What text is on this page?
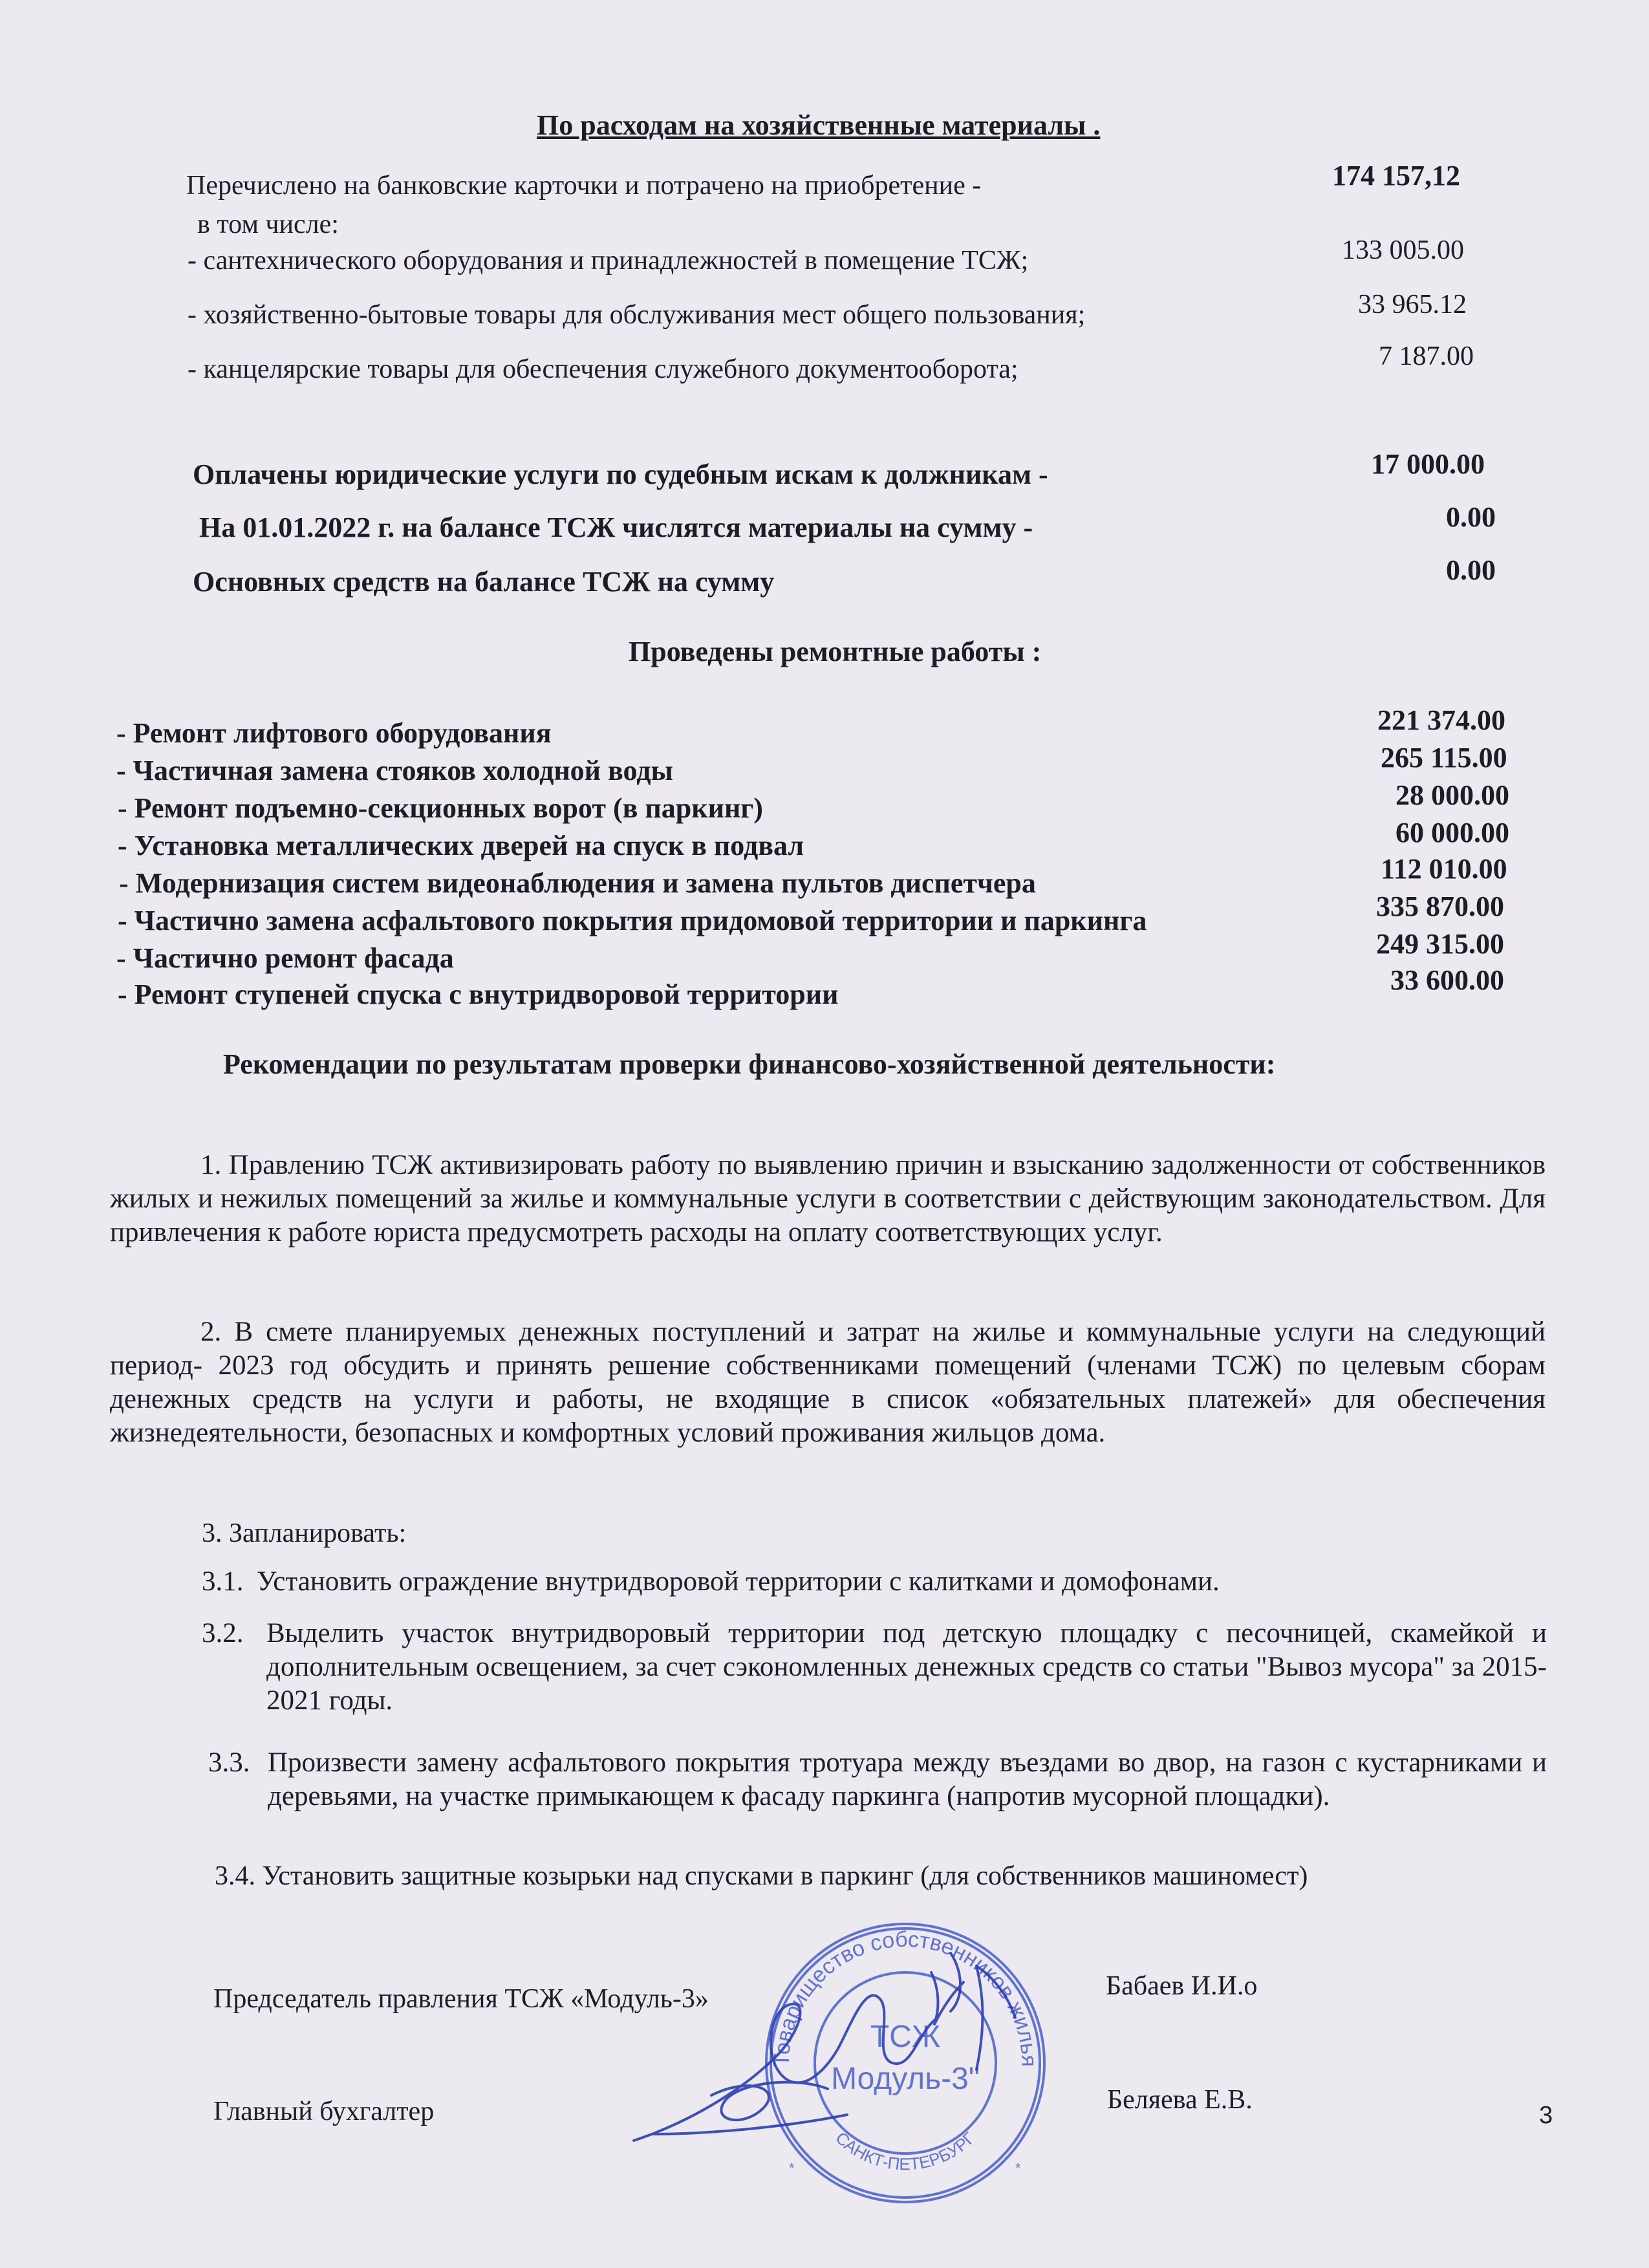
По расходам на хозяйственные материалы .
Перечислено на банковские карточки и потрачено на приобретение -	174 157,12
в том числе:
- сантехнического оборудования и принадлежностей в помещение ТСЖ;	133 005.00
- хозяйственно-бытовые товары для обслуживания мест общего пользования;	33 965.12
- канцелярские товары для обеспечения служебного документооборота;	7 187.00
Оплачены юридические услуги по судебным искам к должникам -	17 000.00
На 01.01.2022 г. на балансе ТСЖ числятся материалы на сумму -	0.00
Основных средств на балансе ТСЖ на сумму	0.00
Проведены ремонтные работы :
- Ремонт лифтового оборудования	221 374.00
- Частичная замена стояков холодной воды	265 115.00
- Ремонт подъемно-секционных ворот (в паркинг)	28 000.00
- Установка металлических дверей на спуск в подвал	60 000.00
- Модернизация систем видеонаблюдения и замена пультов диспетчера	112 010.00
- Частично замена асфальтового покрытия придомовой территории и паркинга	335 870.00
- Частично ремонт фасада	249 315.00
- Ремонт ступеней спуска с внутридворовой территории	33 600.00
Рекомендации по результатам проверки финансово-хозяйственной деятельности:

1. Правлению ТСЖ активизировать работу по выявлению причин и взысканию задолженности от собственников жилых и нежилых помещений за жилье и коммунальные услуги в соответствии с действующим законодательством. Для привлечения к работе юриста предусмотреть расходы на оплату соответствующих услуг.

2. В смете планируемых денежных поступлений и затрат на жилье и коммунальные услуги на следующий период- 2023 год обсудить и принять решение собственниками помещений (членами ТСЖ) по целевым сборам денежных средств на услуги и работы, не входящие в список «обязательных платежей» для обеспечения жизнедеятельности, безопасных и комфортных условий проживания жильцов дома.

3. Запланировать:
3.1. Установить ограждение внутридворовой территории с калитками и домофонами.
3.2. Выделить участок внутридворовый территории под детскую площадку с песочницей, скамейкой и дополнительным освещением, за счет сэкономленных денежных средств со статьи "Вывоз мусора" за 2015-2021 годы.
3.3. Произвести замену асфальтового покрытия тротуара между въездами во двор, на газон с кустарниками и деревьями, на участке примыкающем к фасаду паркинга (напротив мусорной площадки).
3.4. Установить защитные козырьки над спусками в паркинг (для собственников машиномест)
Председатель правления ТСЖ «Модуль-3»	Бабаев И.И.о
Главный бухгалтер	Беляева Е.В.
Товарищество собственников жилья
САНКТ-ПЕТЕРБУРГ
ТСЖ
Модуль-3"
*	*
3
